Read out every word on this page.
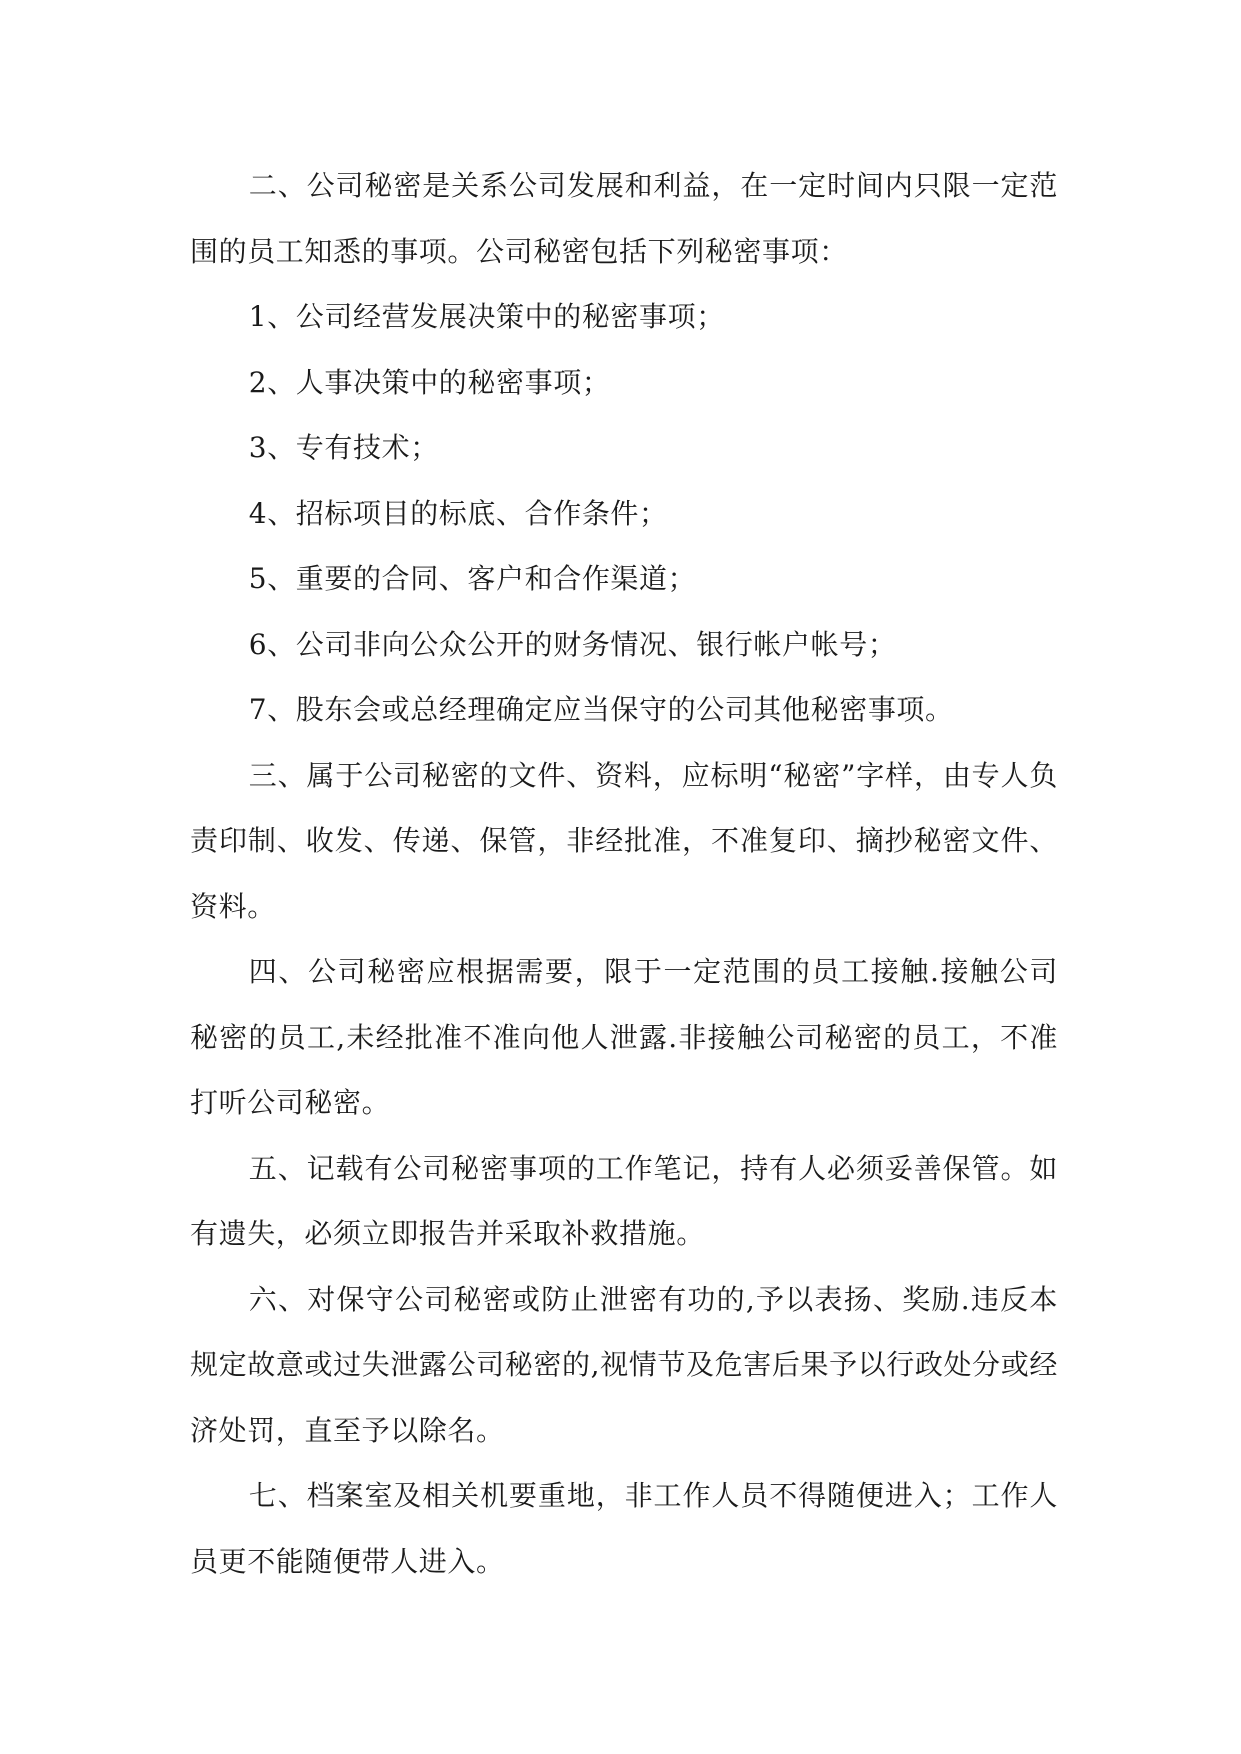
二、公司秘密是关系公司发展和利益，在一定时间内只限一定范围的员工知悉的事项。公司秘密包括下列秘密事项：

1、公司经营发展决策中的秘密事项；

2、人事决策中的秘密事项；

3、专有技术；

4、招标项目的标底、合作条件；

5、重要的合同、客户和合作渠道；

6、公司非向公众公开的财务情况、银行帐户帐号；

7、股东会或总经理确定应当保守的公司其他秘密事项。

三、属于公司秘密的文件、资料，应标明“秘密”字样，由专人负责印制、收发、传递、保管，非经批准，不准复印、摘抄秘密文件、资料。

四、公司秘密应根据需要，限于一定范围的员工接触.接触公司秘密的员工,未经批准不准向他人泄露.非接触公司秘密的员工，不准打听公司秘密。

五、记载有公司秘密事项的工作笔记，持有人必须妥善保管。如有遗失，必须立即报告并采取补救措施。

六、对保守公司秘密或防止泄密有功的,予以表扬、奖励.违反本规定故意或过失泄露公司秘密的,视情节及危害后果予以行政处分或经济处罚，直至予以除名。

七、档案室及相关机要重地，非工作人员不得随便进入；工作人员更不能随便带人进入。
